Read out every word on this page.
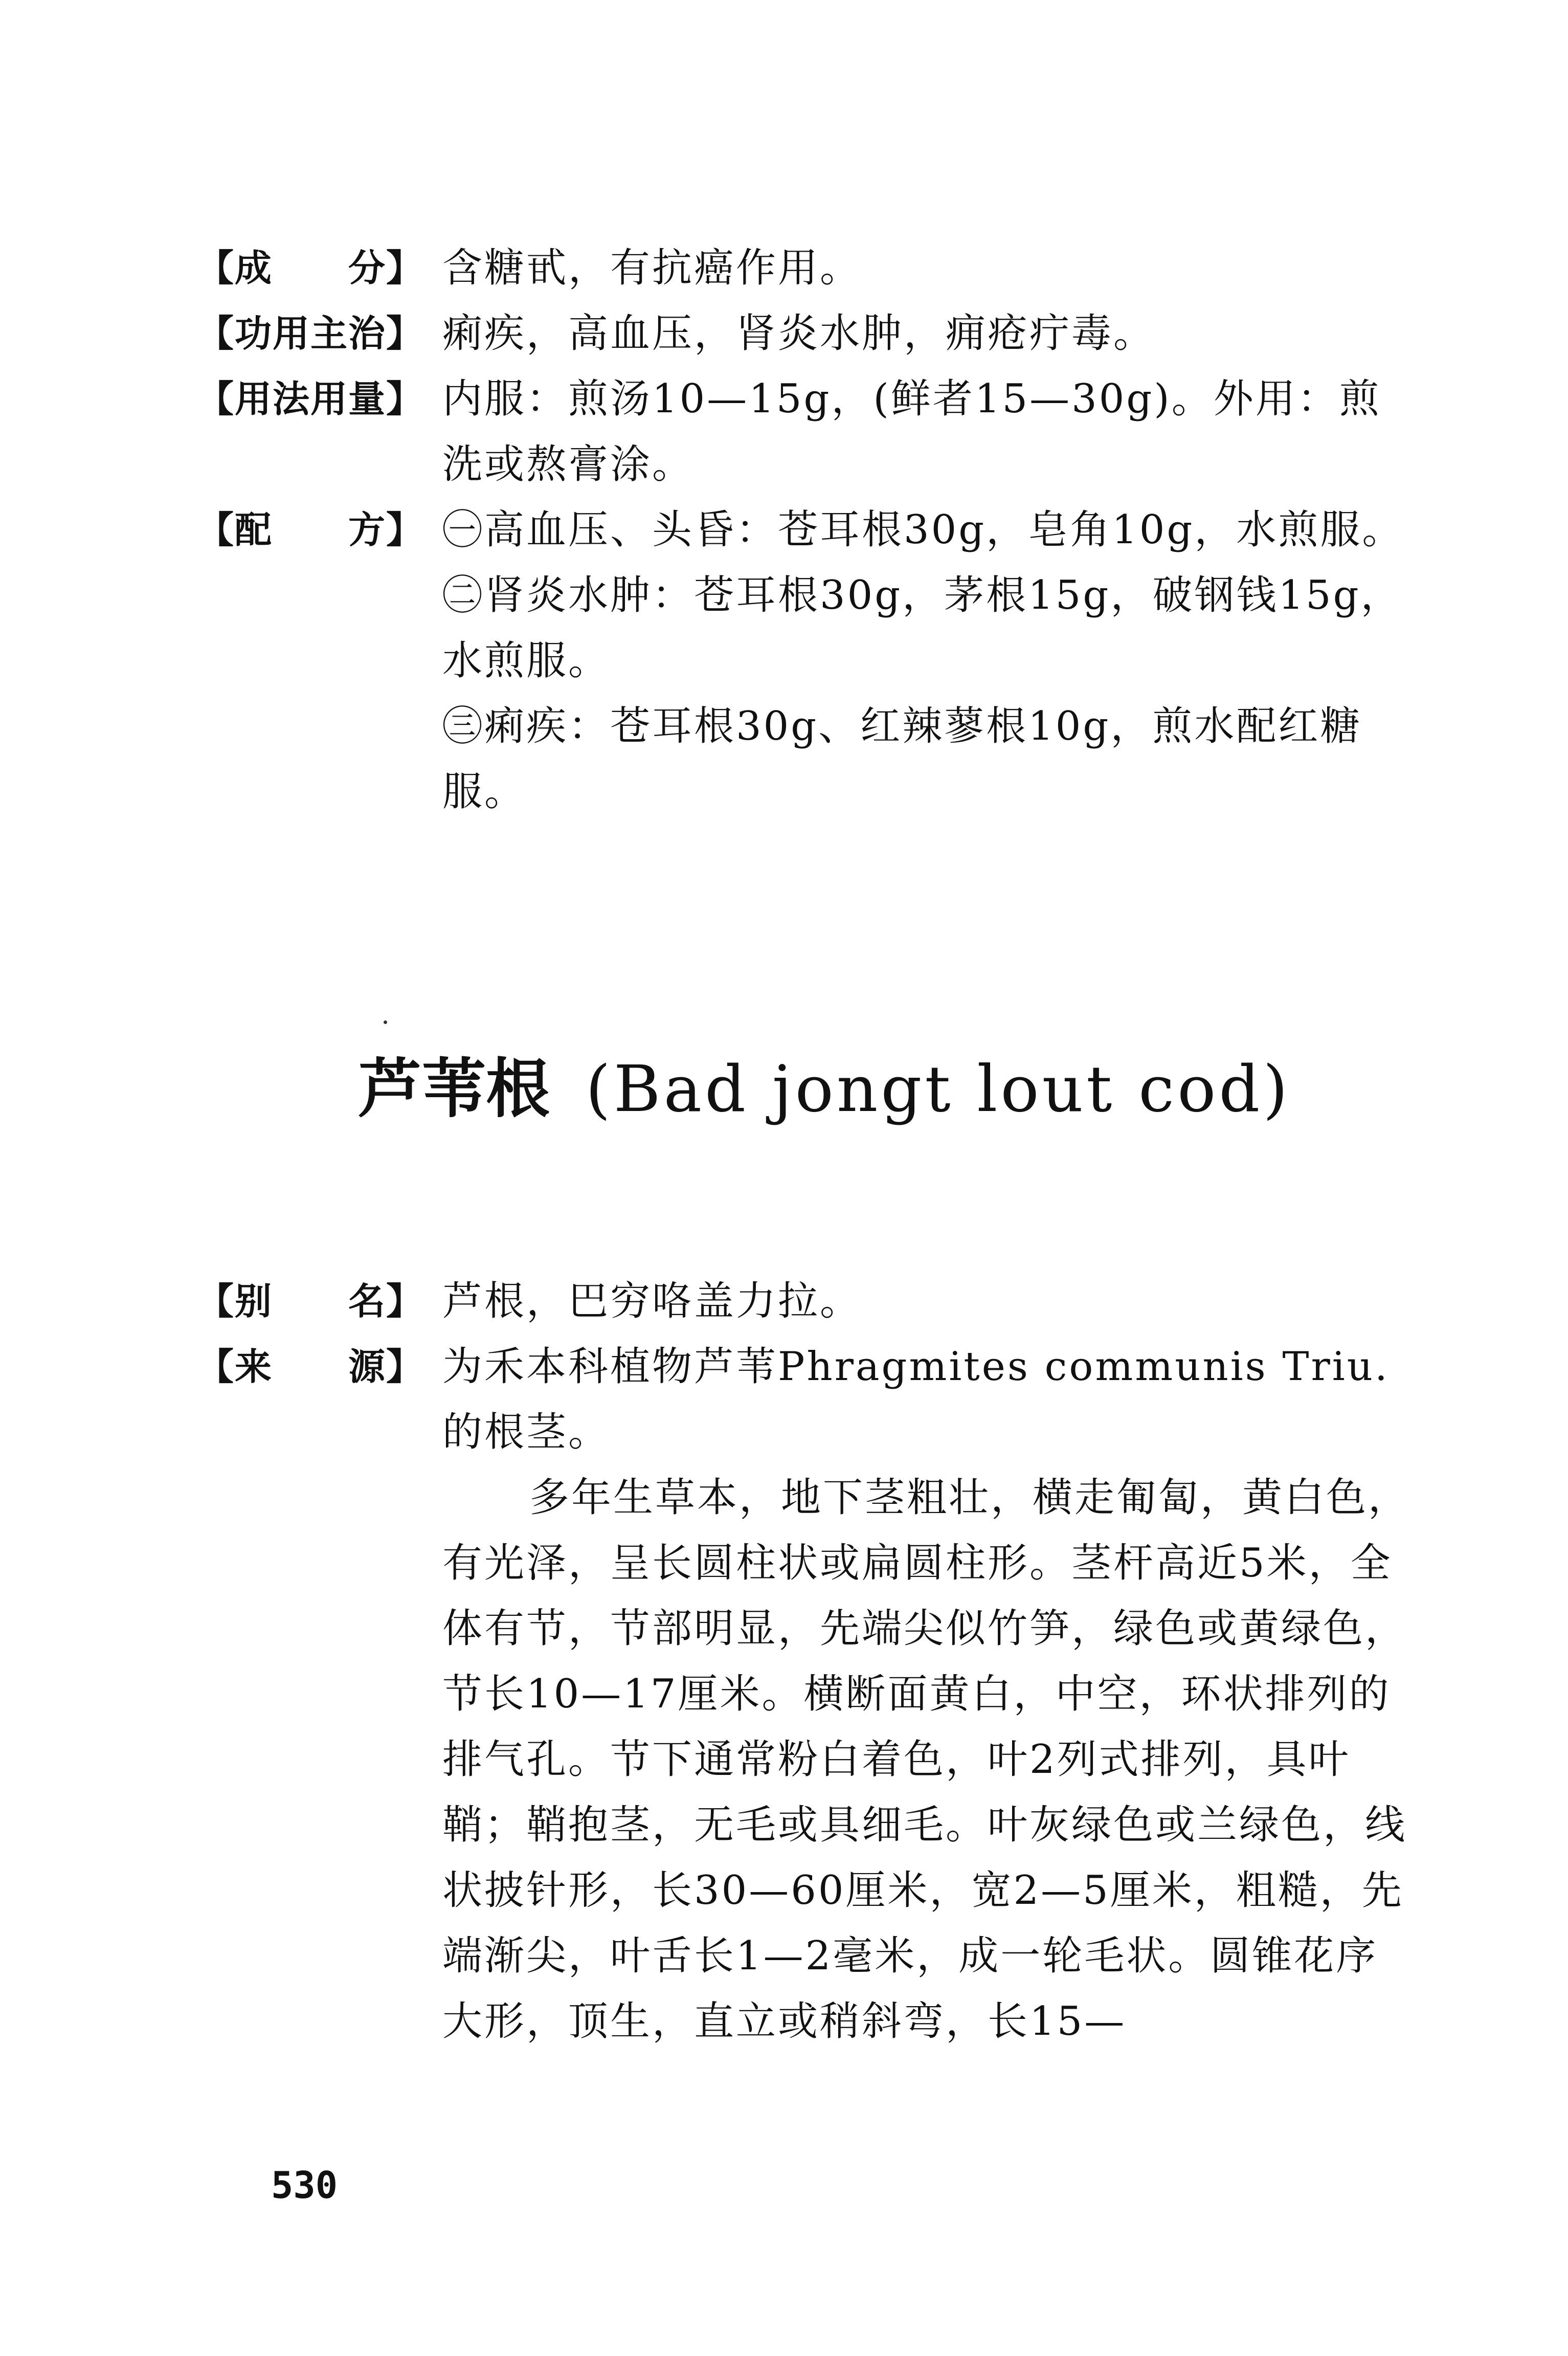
【成　　分】 含糖甙，有抗癌作用。

【功用主治】 痢疾，高血压，肾炎水肿，痈疮疔毒。

【用法用量】 内服：煎汤10—15g，(鲜者15—30g)。外用：煎洗或熬膏涂。

【配　　方】 ㊀高血压、头昏：苍耳根30g，皂角10g，水煎服。

㊁肾炎水肿：苍耳根30g，茅根15g，破钢钱15g，水煎服。

㊂痢疾：苍耳根30g、红辣蓼根10g，煎水配红糖服。

芦苇根 (Bad jongt lout cod)
【别　　名】 芦根，巴穷咯盖力拉。

【来　　源】 为禾本科植物芦苇Phragmites communis Triu. 的根茎。

多年生草本，地下茎粗壮，横走匍匐，黄白色，有光泽，呈长圆柱状或扁圆柱形。茎杆高近5米，全体有节，节部明显，先端尖似竹笋，绿色或黄绿色，节长10—17厘米。横断面黄白，中空，环状排列的排气孔。节下通常粉白着色，叶2列式排列，具叶鞘；鞘抱茎，无毛或具细毛。叶灰绿色或兰绿色，线状披针形，长30—60厘米，宽2—5厘米，粗糙，先端渐尖，叶舌长1—2毫米，成一轮毛状。圆锥花序大形，顶生，直立或稍斜弯，长15—

530
